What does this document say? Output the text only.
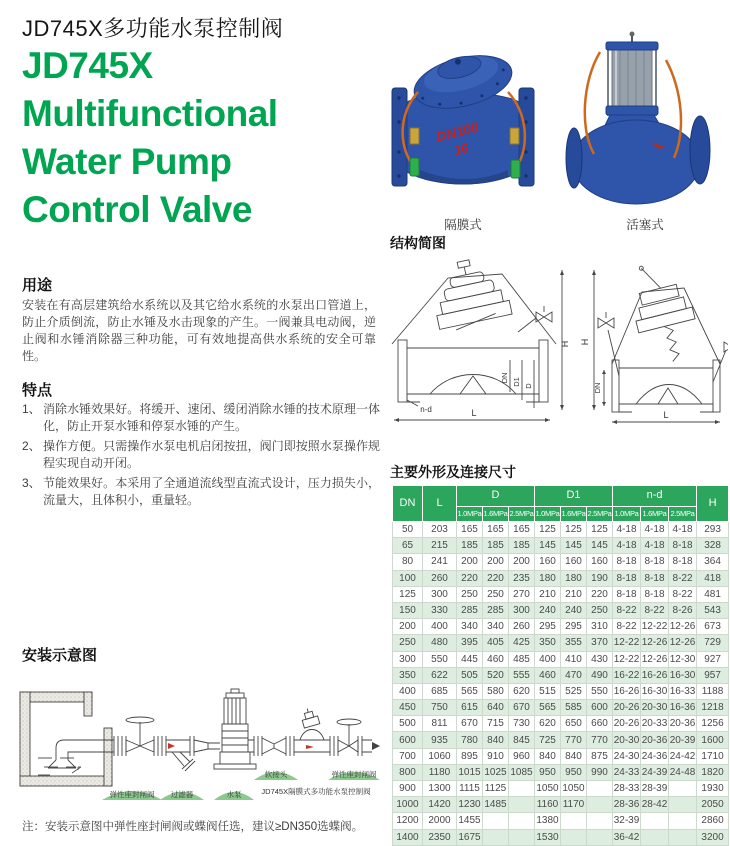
JD745X多功能水泵控制阀
JD745X
Multifunctional
Water Pump
Control Valve
用途
安装在有高层建筑给水系统以及其它给水系统的水泵出口管道上，防止介质倒流，防止水锤及水击现象的产生。一阀兼具电动阀，逆止阀和水锤消除器三种功能，可有效地提高供水系统的安全可靠性。
特点
1、 消除水锤效果好。将缓开、速闭、缓闭消除水锤的技术原理一体化，防止开泵水锤和停泵水锤的产生。
2、 操作方便。只需操作水泵电机启闭按扭，阀门即按照水泵操作规程实现自动开闭。
3、 节能效果好。本采用了全通道流线型直流式设计，压力损失小，流量大，且体积小，重量轻。
安装示意图
弹性座封闸阀 过滤器	水泵
软接头	弹性座封闸阀
JD745X隔膜式多功能水泵控制阀
注：安装示意图中弹性座封闸阀或蝶阀任选，建议≥DN350选蝶阀。
DN100
16
隔膜式	活塞式
结构简图
H
DN D1 D
n-d	L
H
DN
L
主要外形及连接尺寸
DN	L	D			D1			n-d			H
		1.0MPa	1.6MPa	2.5MPa	1.0MPa	1.6MPa	2.5MPa	1.0MPa	1.6MPa	2.5MPa	
50	203	165	165	165	125	125	125	4-18	4-18	4-18	293
65	215	185	185	185	145	145	145	4-18	4-18	8-18	328
80	241	200	200	200	160	160	160	8-18	8-18	8-18	364
100	260	220	220	235	180	180	190	8-18	8-18	8-22	418
125	300	250	250	270	210	210	220	8-18	8-18	8-22	481
150	330	285	285	300	240	240	250	8-22	8-22	8-26	543
200	400	340	340	260	295	295	310	8-22	12-22	12-26	673
250	480	395	405	425	350	355	370	12-22	12-26	12-26	729
300	550	445	460	485	400	410	430	12-22	12-26	12-30	927
350	622	505	520	555	460	470	490	16-22	16-26	16-30	957
400	685	565	580	620	515	525	550	16-26	16-30	16-33	1188
450	750	615	640	670	565	585	600	20-26	20-30	16-36	1218
500	811	670	715	730	620	650	660	20-26	20-33	20-36	1256
600	935	780	840	845	725	770	770	20-30	20-36	20-39	1600
700	1060	895	910	960	840	840	875	24-30	24-36	24-42	1710
800	1180	1015	1025	1085	950	950	990	24-33	24-39	24-48	1820
900	1300	1115	1125		1050	1050		28-33	28-39		1930
1000	1420	1230	1485		1160	1170		28-36	28-42		2050
1200	2000	1455			1380			32-39			2860
1400	2350	1675			1530			36-42			3200
